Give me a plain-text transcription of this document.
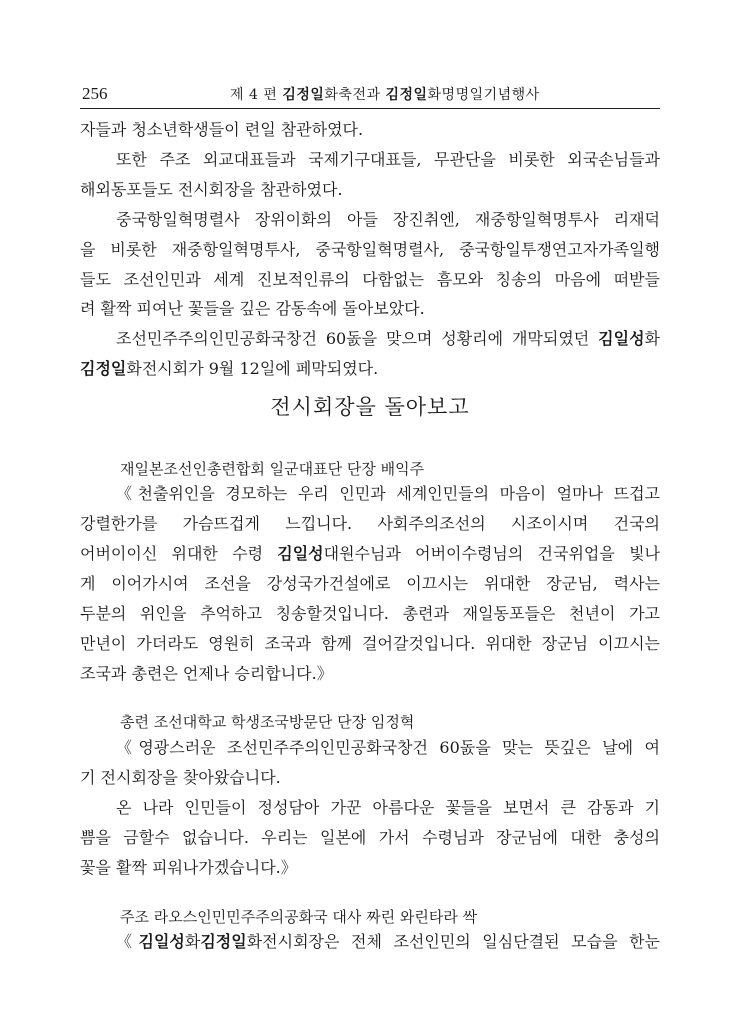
256	제 4 편 김정일화축전과 김정일화명명일기념행사
자들과 청소년학생들이 련일 참관하였다.
또한 주조 외교대표들과 국제기구대표들, 무관단을 비롯한 외국손님들과
해외동포들도 전시회장을 참관하였다.
중국항일혁명렬사 장위이화의 아들 장진취엔, 재중항일혁명투사 리재덕
을 비롯한 재중항일혁명투사, 중국항일혁명렬사, 중국항일투쟁연고자가족일행
들도 조선인민과 세계 진보적인류의 다함없는 흠모와 칭송의 마음에 떠받들
려 활짝 피여난 꽃들을 깊은 감동속에 돌아보았다.
조선민주주의인민공화국창건 60돐을 맞으며 성황리에 개막되였던 김일성화
김정일화전시회가 9월 12일에 페막되였다.
전시회장을 돌아보고
재일본조선인총련합회 일군대표단 단장 배익주
《천출위인을 경모하는 우리 인민과 세계인민들의 마음이 얼마나 뜨겁고
강렬한가를 가슴뜨겁게 느낍니다. 사회주의조선의 시조이시며 건국의
어버이이신 위대한 수령 김일성대원수님과 어버이수령님의 건국위업을 빛나
게 이어가시여 조선을 강성국가건설에로 이끄시는 위대한 장군님, 력사는
두분의 위인을 추억하고 칭송할것입니다. 총련과 재일동포들은 천년이 가고
만년이 가더라도 영원히 조국과 함께 걸어갈것입니다. 위대한 장군님 이끄시는
조국과 총련은 언제나 승리합니다.》
총련 조선대학교 학생조국방문단 단장 임정혁
《영광스러운 조선민주주의인민공화국창건 60돐을 맞는 뜻깊은 날에 여
기 전시회장을 찾아왔습니다.
온 나라 인민들이 정성담아 가꾼 아름다운 꽃들을 보면서 큰 감동과 기
쁨을 금할수 없습니다. 우리는 일본에 가서 수령님과 장군님에 대한 충성의
꽃을 활짝 피워나가겠습니다.》
주조 라오스인민민주주의공화국 대사 짜린 와린타라 싹
《김일성화김정일화전시회장은 전체 조선인민의 일심단결된 모습을 한눈
